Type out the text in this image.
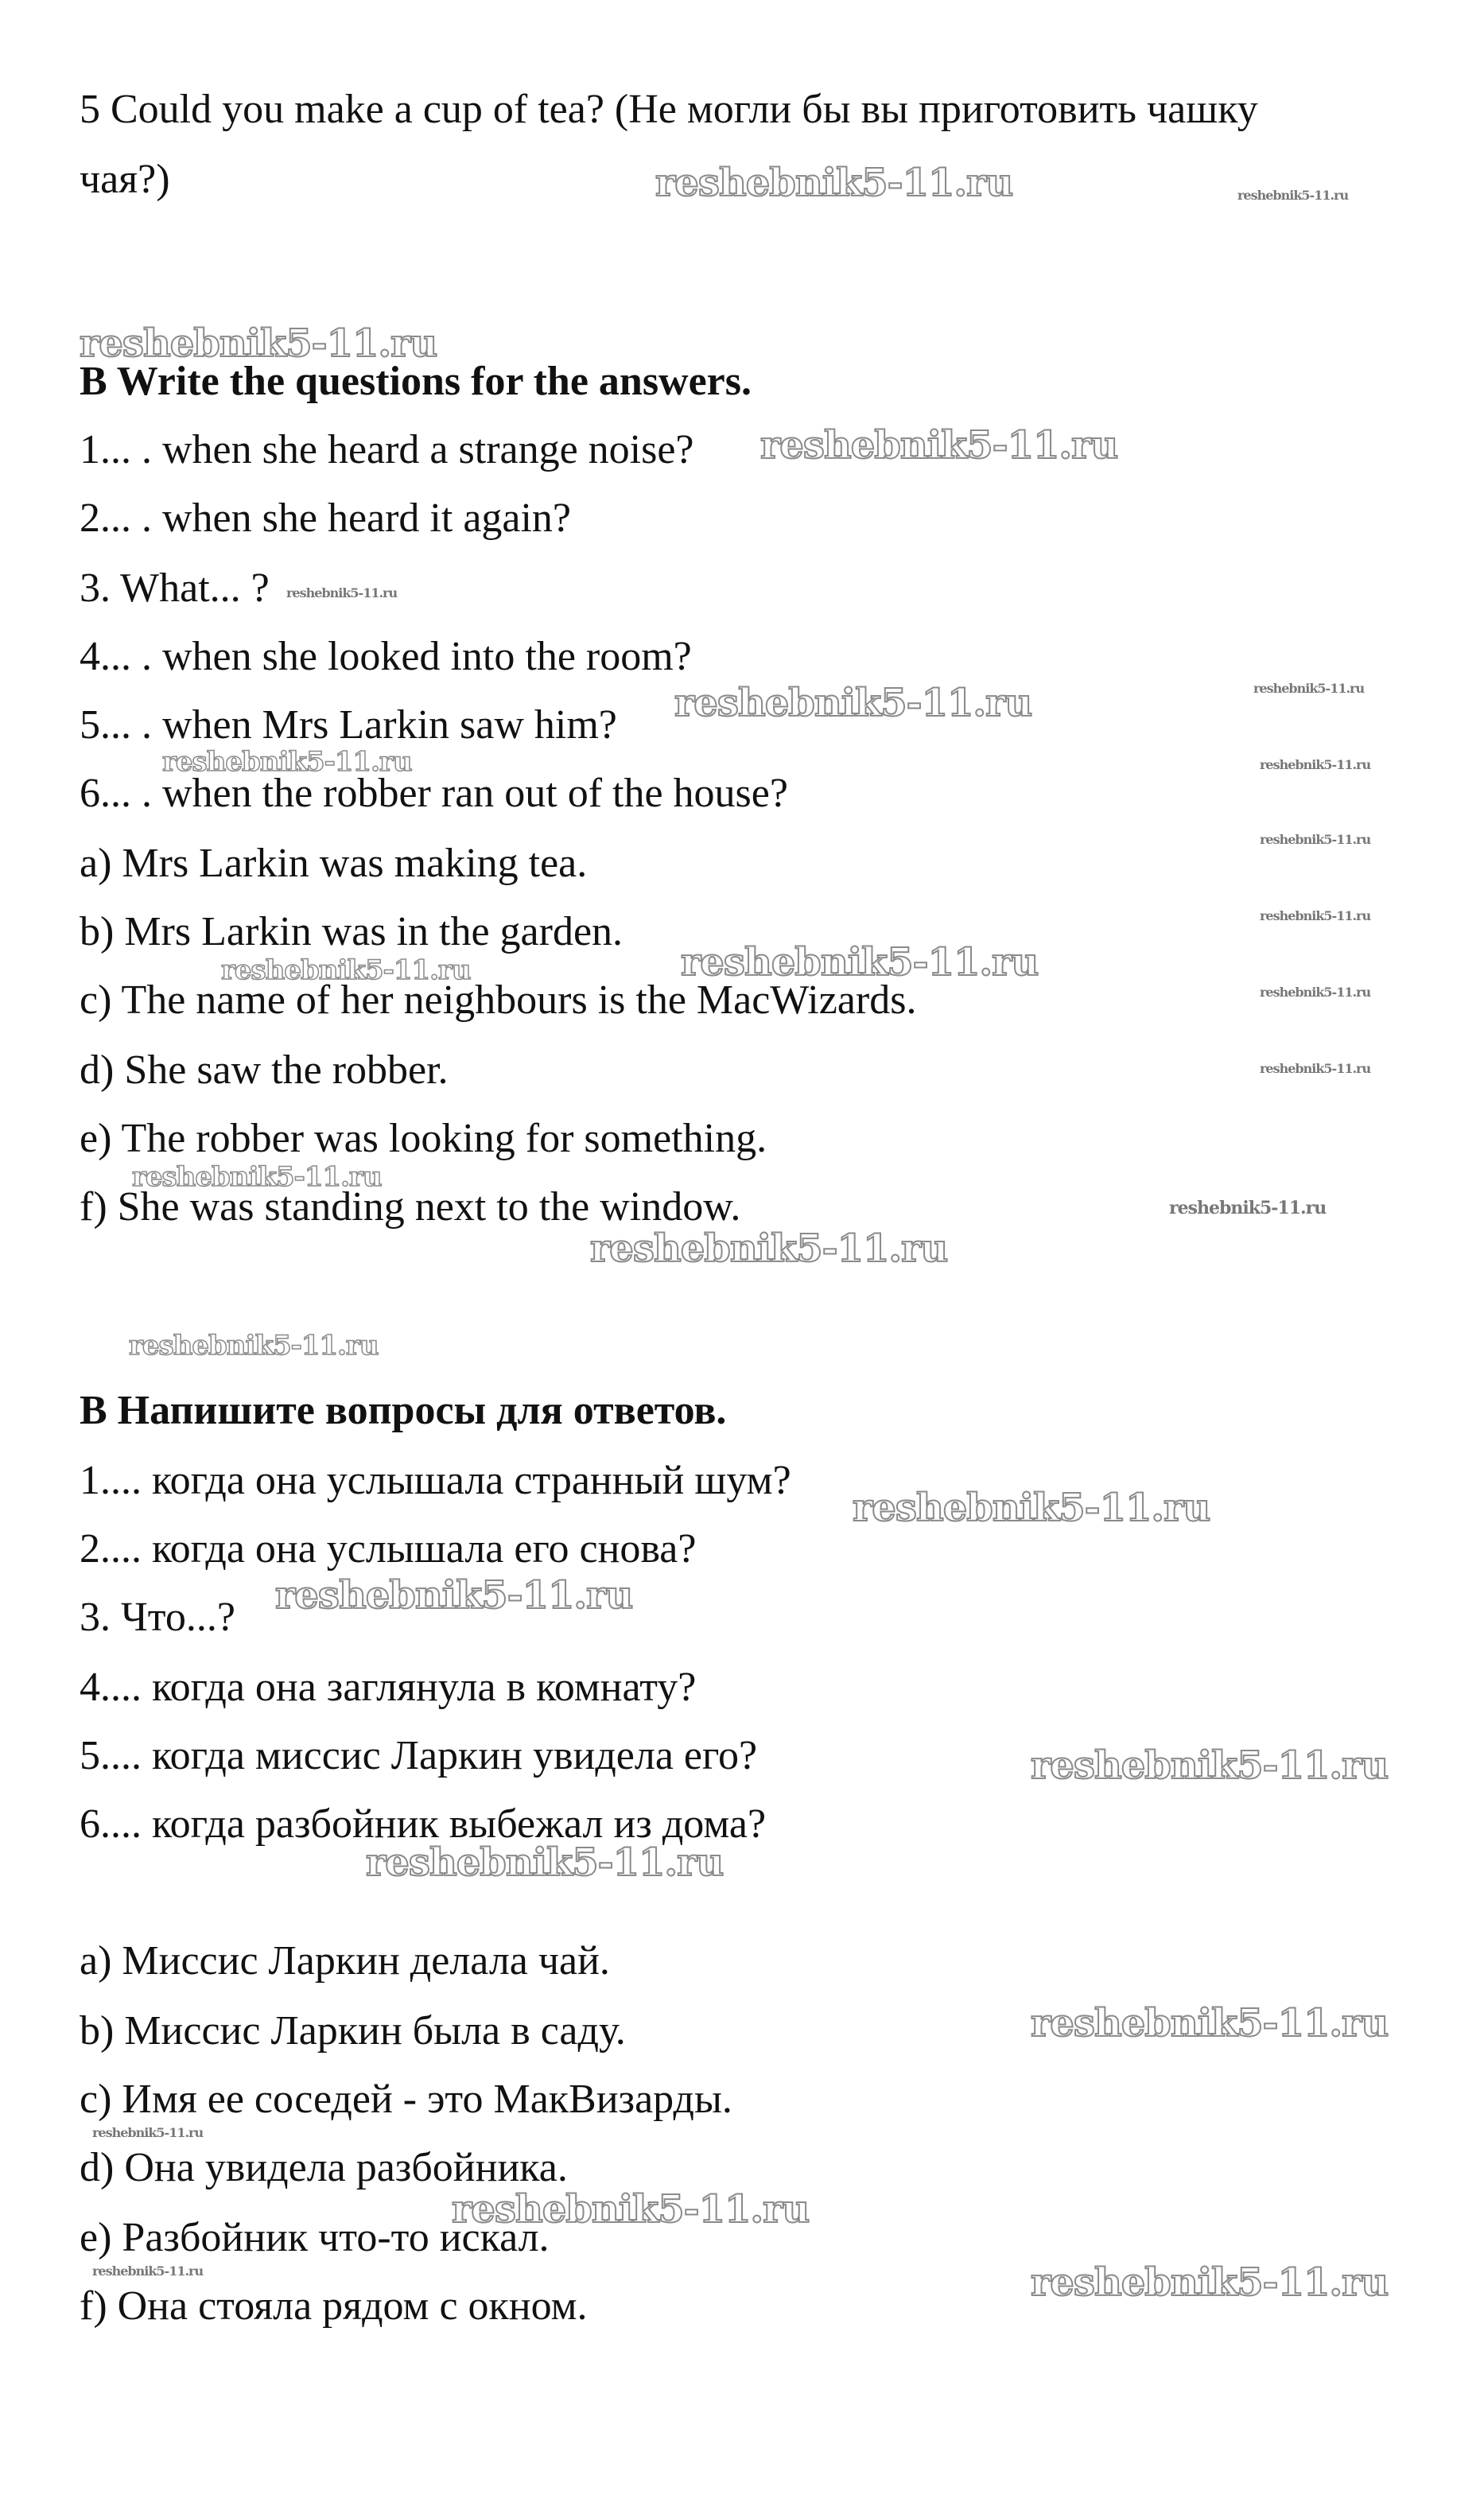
5 Could you make a cup of tea? (Не могли бы вы приготовить чашку
чая?)
B Write the questions for the answers.
1... . when she heard a strange noise?
2... . when she heard it again?
3. What... ?
4... . when she looked into the room?
5... . when Mrs Larkin saw him?
6... . when the robber ran out of the house?
a) Mrs Larkin was making tea.
b) Mrs Larkin was in the garden.
c) The name of her neighbours is the MacWizards.
d) She saw the robber.
e) The robber was looking for something.
f) She was standing next to the window.
В Напишите вопросы для ответов.
1.... когда она услышала странный шум?
2.... когда она услышала его снова?
3. Что...?
4.... когда она заглянула в комнату?
5.... когда миссис Ларкин увидела его?
6.... когда разбойник выбежал из дома?
a) Миссис Ларкин делала чай.
b) Миссис Ларкин была в саду.
c) Имя ее соседей - это МакВизарды.
d) Она увидела разбойника.
e) Разбойник что-то искал.
f) Она стояла рядом с окном.
reshebnik5-11.ru	reshebnik5-11.ru
reshebnik5-11.ru
reshebnik5-11.ru
reshebnik5-11.ru
reshebnik5-11.ru
reshebnik5-11.ru
reshebnik5-11.ru	reshebnik5-11.ru
reshebnik5-11.ru
reshebnik5-11.ru
reshebnik5-11.ru	reshebnik5-11.ru
reshebnik5-11.ru
reshebnik5-11.ru
reshebnik5-11.ru
reshebnik5-11.ru
reshebnik5-11.ru
reshebnik5-11.ru
reshebnik5-11.ru
reshebnik5-11.ru
reshebnik5-11.ru
reshebnik5-11.ru
reshebnik5-11.ru
reshebnik5-11.ru
reshebnik5-11.ru
reshebnik5-11.ru	reshebnik5-11.ru
